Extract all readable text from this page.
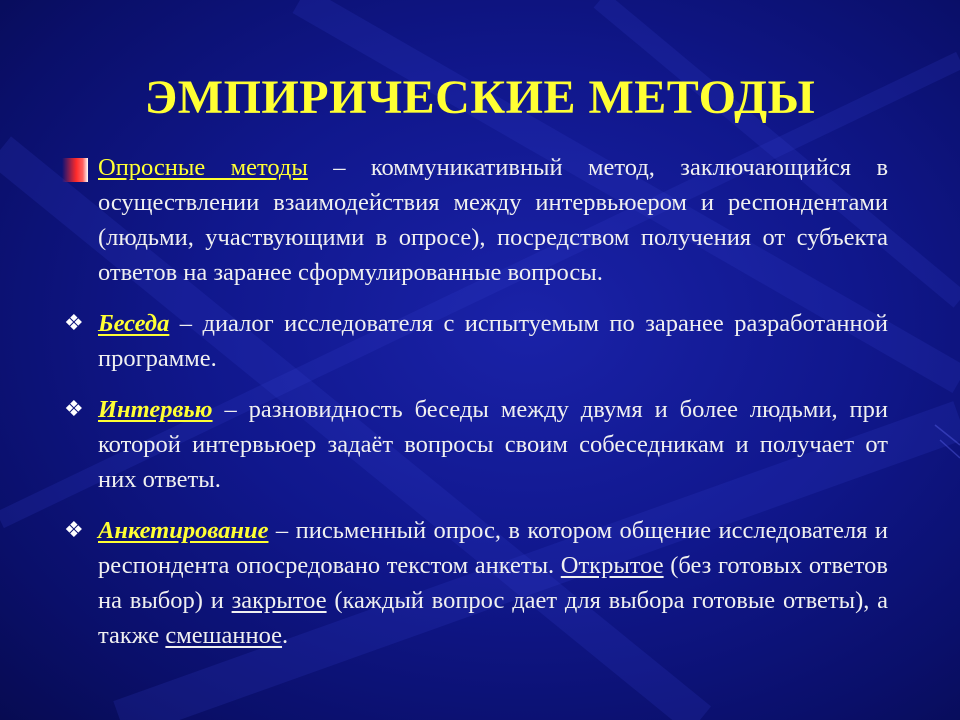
ЭМПИРИЧЕСКИЕ МЕТОДЫ

Опросные методы – коммуникативный метод, заключающийся в осуществлении взаимодействия между интервьюером и респондентами (людьми, участвующими в опросе), посредством получения от субъекта ответов на заранее сформулированные вопросы.

❖ Беседа – диалог исследователя с испытуемым по заранее разработанной программе.

❖ Интервью – разновидность беседы между двумя и более людьми, при которой интервьюер задаёт вопросы своим собеседникам и получает от них ответы.

❖ Анкетирование – письменный опрос, в котором общение исследователя и респондента опосредовано текстом анкеты. Открытое (без готовых ответов на выбор) и закрытое (каждый вопрос дает для выбора готовые ответы), а также смешанное.
